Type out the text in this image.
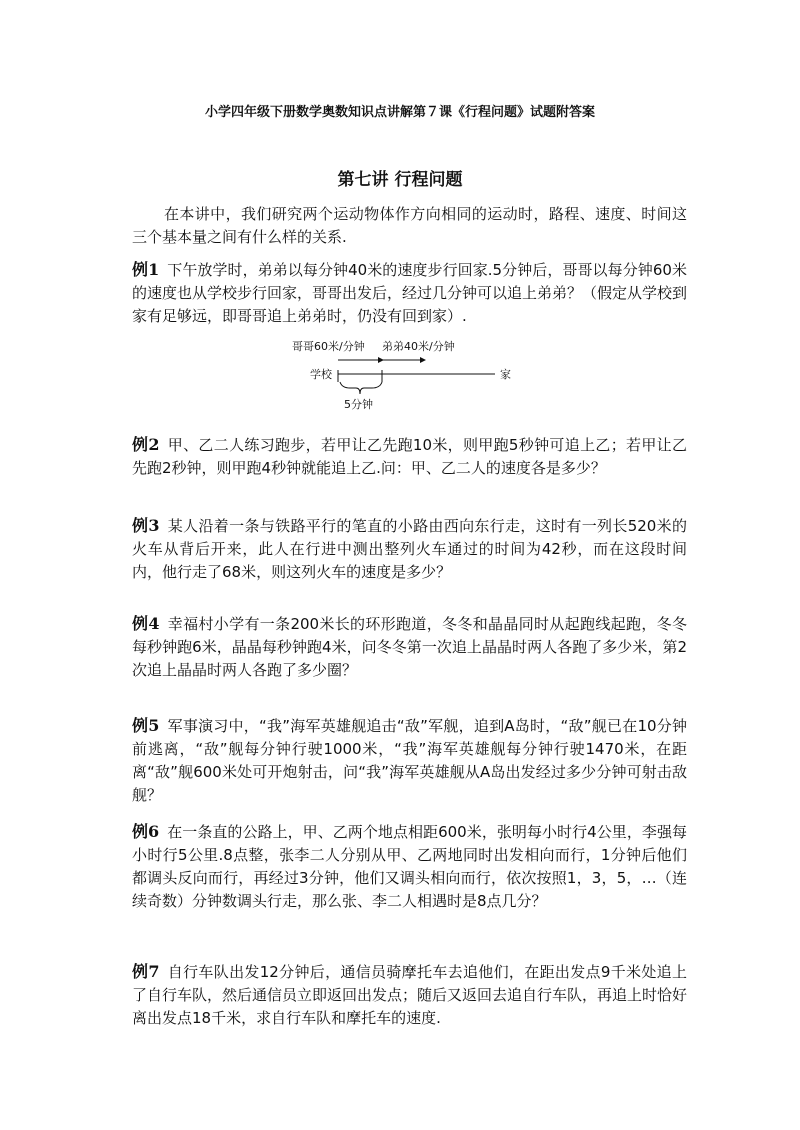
小学四年级下册数学奥数知识点讲解第７课《行程问题》试题附答案
第七讲 行程问题

在本讲中，我们研究两个运动物体作方向相同的运动时，路程、速度、时间这三个基本量之间有什么样的关系.

例1 下午放学时，弟弟以每分钟40米的速度步行回家.5分钟后，哥哥以每分钟60米的速度也从学校步行回家，哥哥出发后，经过几分钟可以追上弟弟？（假定从学校到家有足够远，即哥哥追上弟弟时，仍没有回到家）.

哥哥60米/分钟 弟弟40米/分钟
学校	家
5分钟

例2 甲、乙二人练习跑步，若甲让乙先跑10米，则甲跑5秒钟可追上乙；若甲让乙先跑2秒钟，则甲跑4秒钟就能追上乙.问：甲、乙二人的速度各是多少？

例3 某人沿着一条与铁路平行的笔直的小路由西向东行走，这时有一列长520米的火车从背后开来，此人在行进中测出整列火车通过的时间为42秒，而在这段时间内，他行走了68米，则这列火车的速度是多少？

例4 幸福村小学有一条200米长的环形跑道，冬冬和晶晶同时从起跑线起跑，冬冬每秒钟跑6米，晶晶每秒钟跑4米，问冬冬第一次追上晶晶时两人各跑了多少米，第2次追上晶晶时两人各跑了多少圈？

例5 军事演习中，“我”海军英雄舰追击“敌”军舰，追到A岛时，“敌”舰已在10分钟前逃离，“敌”舰每分钟行驶1000米，“我”海军英雄舰每分钟行驶1470米，在距离“敌”舰600米处可开炮射击，问“我”海军英雄舰从A岛出发经过多少分钟可射击敌舰？

例6 在一条直的公路上，甲、乙两个地点相距600米，张明每小时行4公里，李强每小时行5公里.8点整，张李二人分别从甲、乙两地同时出发相向而行，1分钟后他们都调头反向而行，再经过3分钟，他们又调头相向而行，依次按照1，3，5，…（连续奇数）分钟数调头行走，那么张、李二人相遇时是8点几分？

例7 自行车队出发12分钟后，通信员骑摩托车去追他们，在距出发点9千米处追上了自行车队，然后通信员立即返回出发点；随后又返回去追自行车队，再追上时恰好离出发点18千米，求自行车队和摩托车的速度.
